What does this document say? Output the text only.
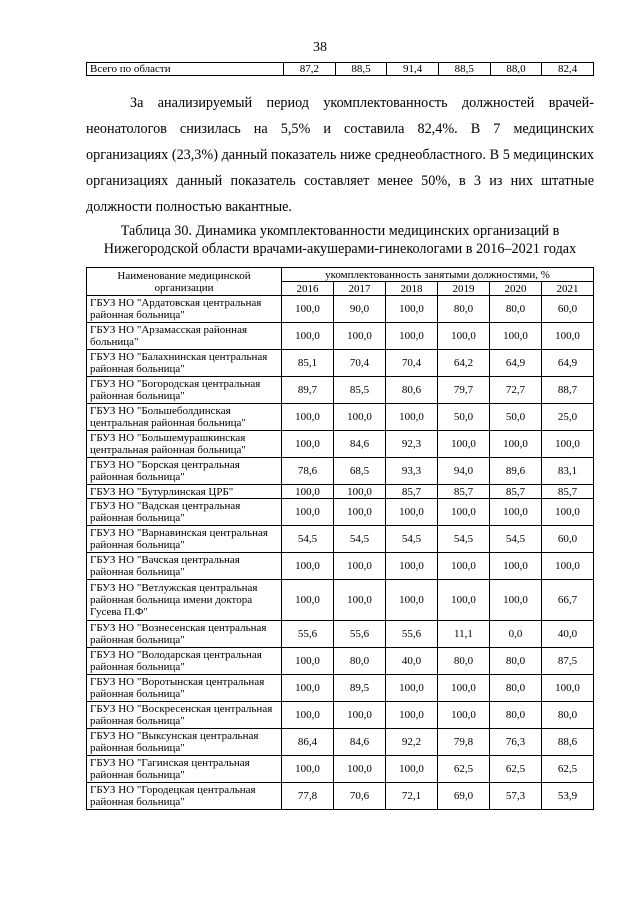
38
Всего по области	87,2	88,5	91,4	88,5	88,0	82,4

За анализируемый период укомплектованность должностей врачей-неонатологов снизилась на 5,5% и составила 82,4%. В 7 медицинских организациях (23,3%) данный показатель ниже среднеобластного. В 5 медицинских организациях данный показатель составляет менее 50%, в 3 из них штатные должности полностью вакантные.

Таблица 30. Динамика укомплектованности медицинских организаций в Нижегородской области врачами-акушерами-гинекологами в 2016–2021 годах

Наименование медицинской организации	укомплектованность занятыми должностями, %					
	2016	2017	2018	2019	2020	2021
ГБУЗ НО "Ардатовская центральная районная больница"	100,0	90,0	100,0	80,0	80,0	60,0
ГБУЗ НО "Арзамасская районная больница"	100,0	100,0	100,0	100,0	100,0	100,0
ГБУЗ НО "Балахнинская центральная районная больница"	85,1	70,4	70,4	64,2	64,9	64,9
ГБУЗ НО "Богородская центральная районная больница"	89,7	85,5	80,6	79,7	72,7	88,7
ГБУЗ НО "Большеболдинская центральная районная больница"	100,0	100,0	100,0	50,0	50,0	25,0
ГБУЗ НО "Большемурашкинская центральная районная больница"	100,0	84,6	92,3	100,0	100,0	100,0
ГБУЗ НО "Борская центральная районная больница"	78,6	68,5	93,3	94,0	89,6	83,1
ГБУЗ НО "Бутурлинская ЦРБ"	100,0	100,0	85,7	85,7	85,7	85,7
ГБУЗ НО "Вадская центральная районная больница"	100,0	100,0	100,0	100,0	100,0	100,0
ГБУЗ НО "Варнавинская центральная районная больница"	54,5	54,5	54,5	54,5	54,5	60,0
ГБУЗ НО "Вачская центральная районная больница"	100,0	100,0	100,0	100,0	100,0	100,0
ГБУЗ НО "Ветлужская центральная районная больница имени доктора Гусева П.Ф"	100,0	100,0	100,0	100,0	100,0	66,7
ГБУЗ НО "Вознесенская центральная районная больница"	55,6	55,6	55,6	11,1	0,0	40,0
ГБУЗ НО "Володарская центральная районная больница"	100,0	80,0	40,0	80,0	80,0	87,5
ГБУЗ НО "Воротынская центральная районная больница"	100,0	89,5	100,0	100,0	80,0	100,0
ГБУЗ НО "Воскресенская центральная районная больница"	100,0	100,0	100,0	100,0	80,0	80,0
ГБУЗ НО "Выксунская центральная районная больница"	86,4	84,6	92,2	79,8	76,3	88,6
ГБУЗ НО "Гагинская центральная районная больница"	100,0	100,0	100,0	62,5	62,5	62,5
ГБУЗ НО "Городецкая центральная районная больница"	77,8	70,6	72,1	69,0	57,3	53,9
